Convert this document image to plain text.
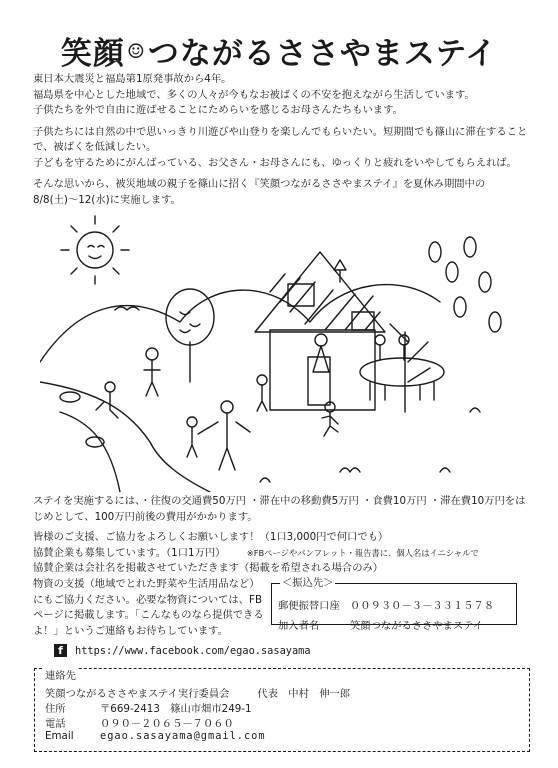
笑顔 ☺つながるささやまステイ

東日本大震災と福島第1原発事故から4年。
福島県を中心とした地域で、多くの人々が今もなお被ばくの不安を抱えながら生活しています。
子供たちを外で自由に遊ばせることにためらいを感じるお母さんたちもいます。

子供たちには自然の中で思いっきり川遊びや山登りを楽しんでもらいたい。短期間でも篠山に滞在することで、被ばくを低減したい。
子どもを守るためにがんばっている、お父さん・お母さんにも、ゆっくりと疲れをいやしてもらえれば。

そんな思いから、被災地域の親子を篠山に招く『笑顔つながるささやまステイ』を夏休み期間中の
8/8(土)～12(水)に実施します。

ステイを実施するには、・往復の交通費50万円 ・滞在中の移動費5万円 ・食費10万円 ・滞在費10万円をはじめとして、100万円前後の費用がかかります。
皆様のご支援、ご協力をよろしくお願いします！（1口3,000円で何口でも）
協賛企業も募集しています。（1口1万円）	※FBページやパンフレット・報告書に、個人名はイニシャルで
協賛企業は会社名を掲載させていただきます（掲載を希望される場合のみ）
物資の支援（地域でとれた野菜や生活用品など）にもご協力ください。必要な物資については、FBページに掲載します。「こんなものなら提供できるよ！」というご連絡もお待ちしています。
＜振込先＞
郵便振替口座 ００９３０－３－３３１５７８
加入者名	笑顔つながるささやまステイ
f	https://www.facebook.com/egao.sasayama
連絡先
笑顔つながるささやまステイ実行委員会	代表　中村　伸一郎
住所	〒669-2413　篠山市畑市249-1
電話	０９０－２０６５－７０６０
Email	egao.sasayama@gmail.com
